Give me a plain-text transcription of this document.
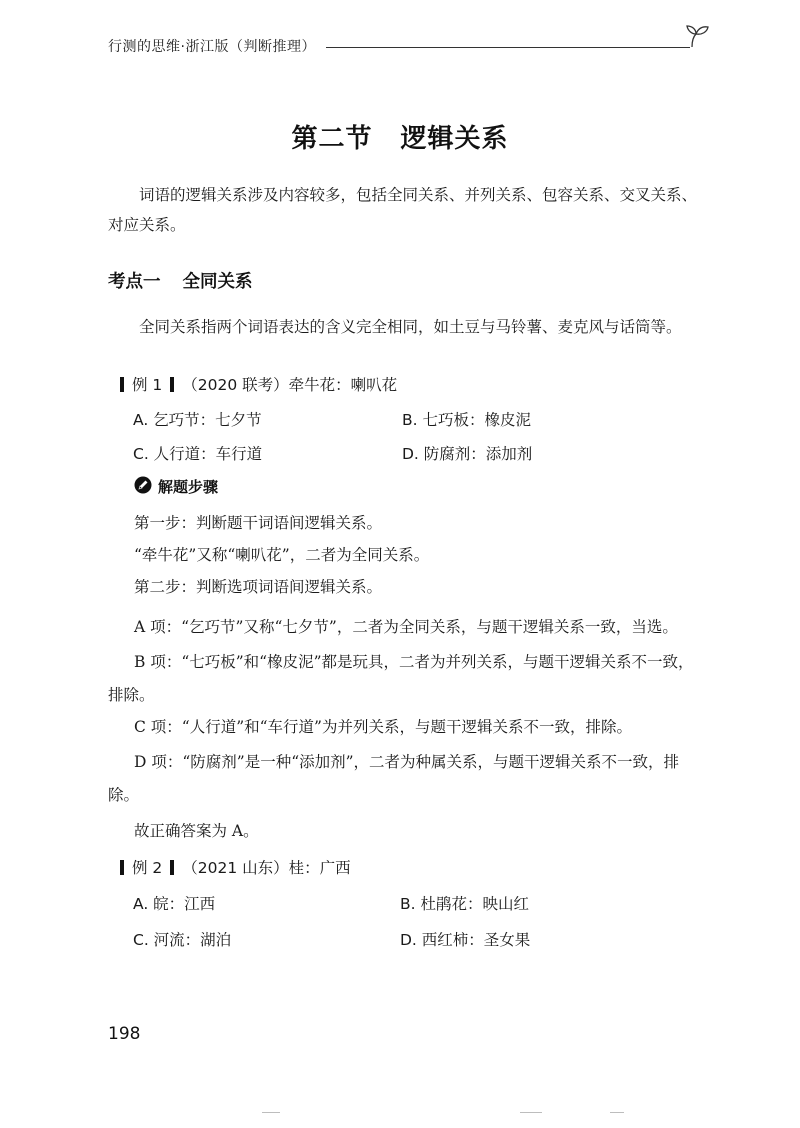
行测的思维·浙江版（判断推理）
第二节 逻辑关系
词语的逻辑关系涉及内容较多，包括全同关系、并列关系、包容关系、交叉关系、对应关系。
考点一 全同关系
全同关系指两个词语表达的含义完全相同，如土豆与马铃薯、麦克风与话筒等。
例 1 （2020 联考）牵牛花：喇叭花
A. 乞巧节：七夕节	B. 七巧板：橡皮泥
C. 人行道：车行道	D. 防腐剂：添加剂
解题步骤
第一步：判断题干词语间逻辑关系。
“牵牛花”又称“喇叭花”，二者为全同关系。
第二步：判断选项词语间逻辑关系。
A 项：“乞巧节”又称“七夕节”，二者为全同关系，与题干逻辑关系一致，当选。
B 项：“七巧板”和“橡皮泥”都是玩具，二者为并列关系，与题干逻辑关系不一致，排除。
C 项：“人行道”和“车行道”为并列关系，与题干逻辑关系不一致，排除。
D 项：“防腐剂”是一种“添加剂”，二者为种属关系，与题干逻辑关系不一致，排除。
故正确答案为 A。
例 2 （2021 山东）桂：广西
A. 皖：江西	B. 杜鹃花：映山红
C. 河流：湖泊	D. 西红柿：圣女果
198
